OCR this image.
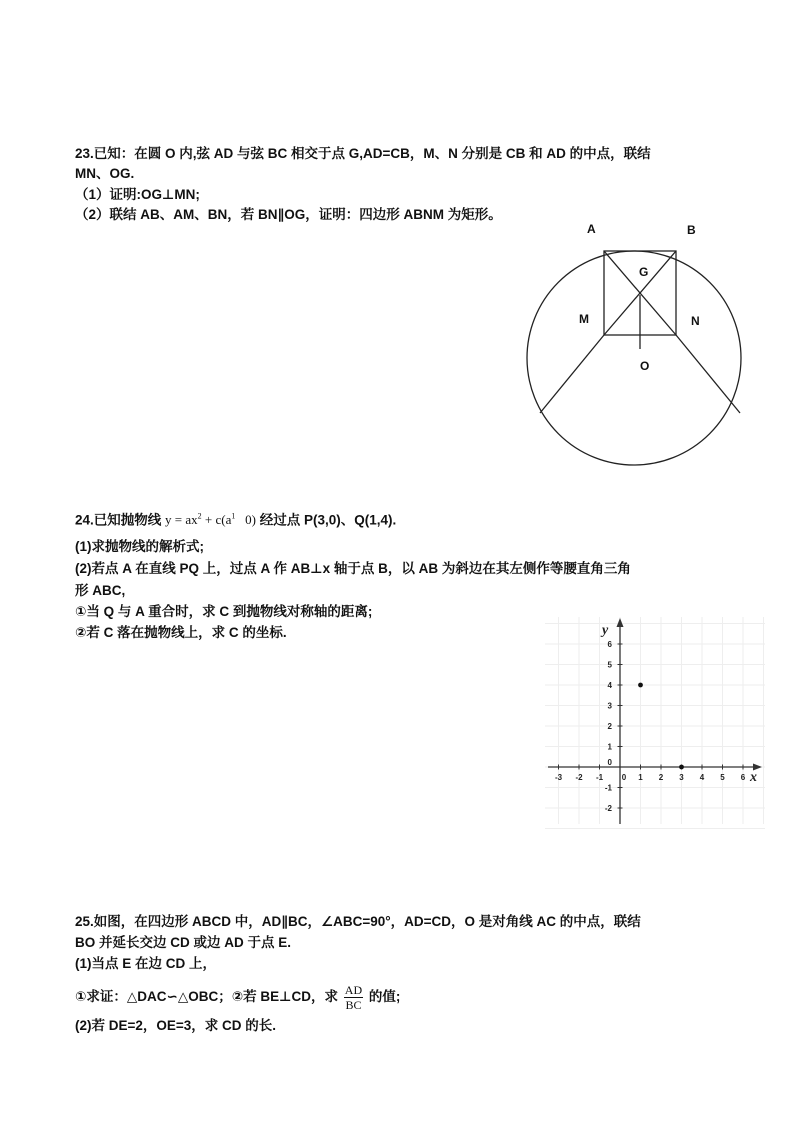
23.已知：在圆 O 内,弦 AD 与弦 BC 相交于点 G,AD=CB，M、N 分别是 CB 和 AD 的中点，联结
MN、OG.
（1）证明:OG⊥MN;
（2）联结 AB、AM、BN，若 BN∥OG，证明：四边形 ABNM 为矩形。
A	B
G
M	N
O
24.已知抛物线 $y = ax^2 + c(a^1$   0) 经过点 P(3,0)、Q(1,4).
(1)求抛物线的解析式;
(2)若点 A 在直线 PQ 上，过点 A 作 AB⊥x 轴于点 B，以 AB 为斜边在其左侧作等腰直角三角
形 ABC,
①当 Q 与 A 重合时，求 C 到抛物线对称轴的距离;
②若 C 落在抛物线上，求 C 的坐标.
x
y
-3 -2 -1 0 1 2 3 4 5 6
6
5
4
3
2
1
0
-1
-2
25.如图，在四边形 ABCD 中，AD∥BC，∠ABC=90°，AD=CD，O 是对角线 AC 的中点，联结
BO 并延长交边 CD 或边 AD 于点 E.
(1)当点 E 在边 CD 上，
①求证：△DAC∽△OBC；②若 BE⊥CD，求 $\frac{AD}{BC}$ 的值;
(2)若 DE=2，OE=3，求 CD 的长.
